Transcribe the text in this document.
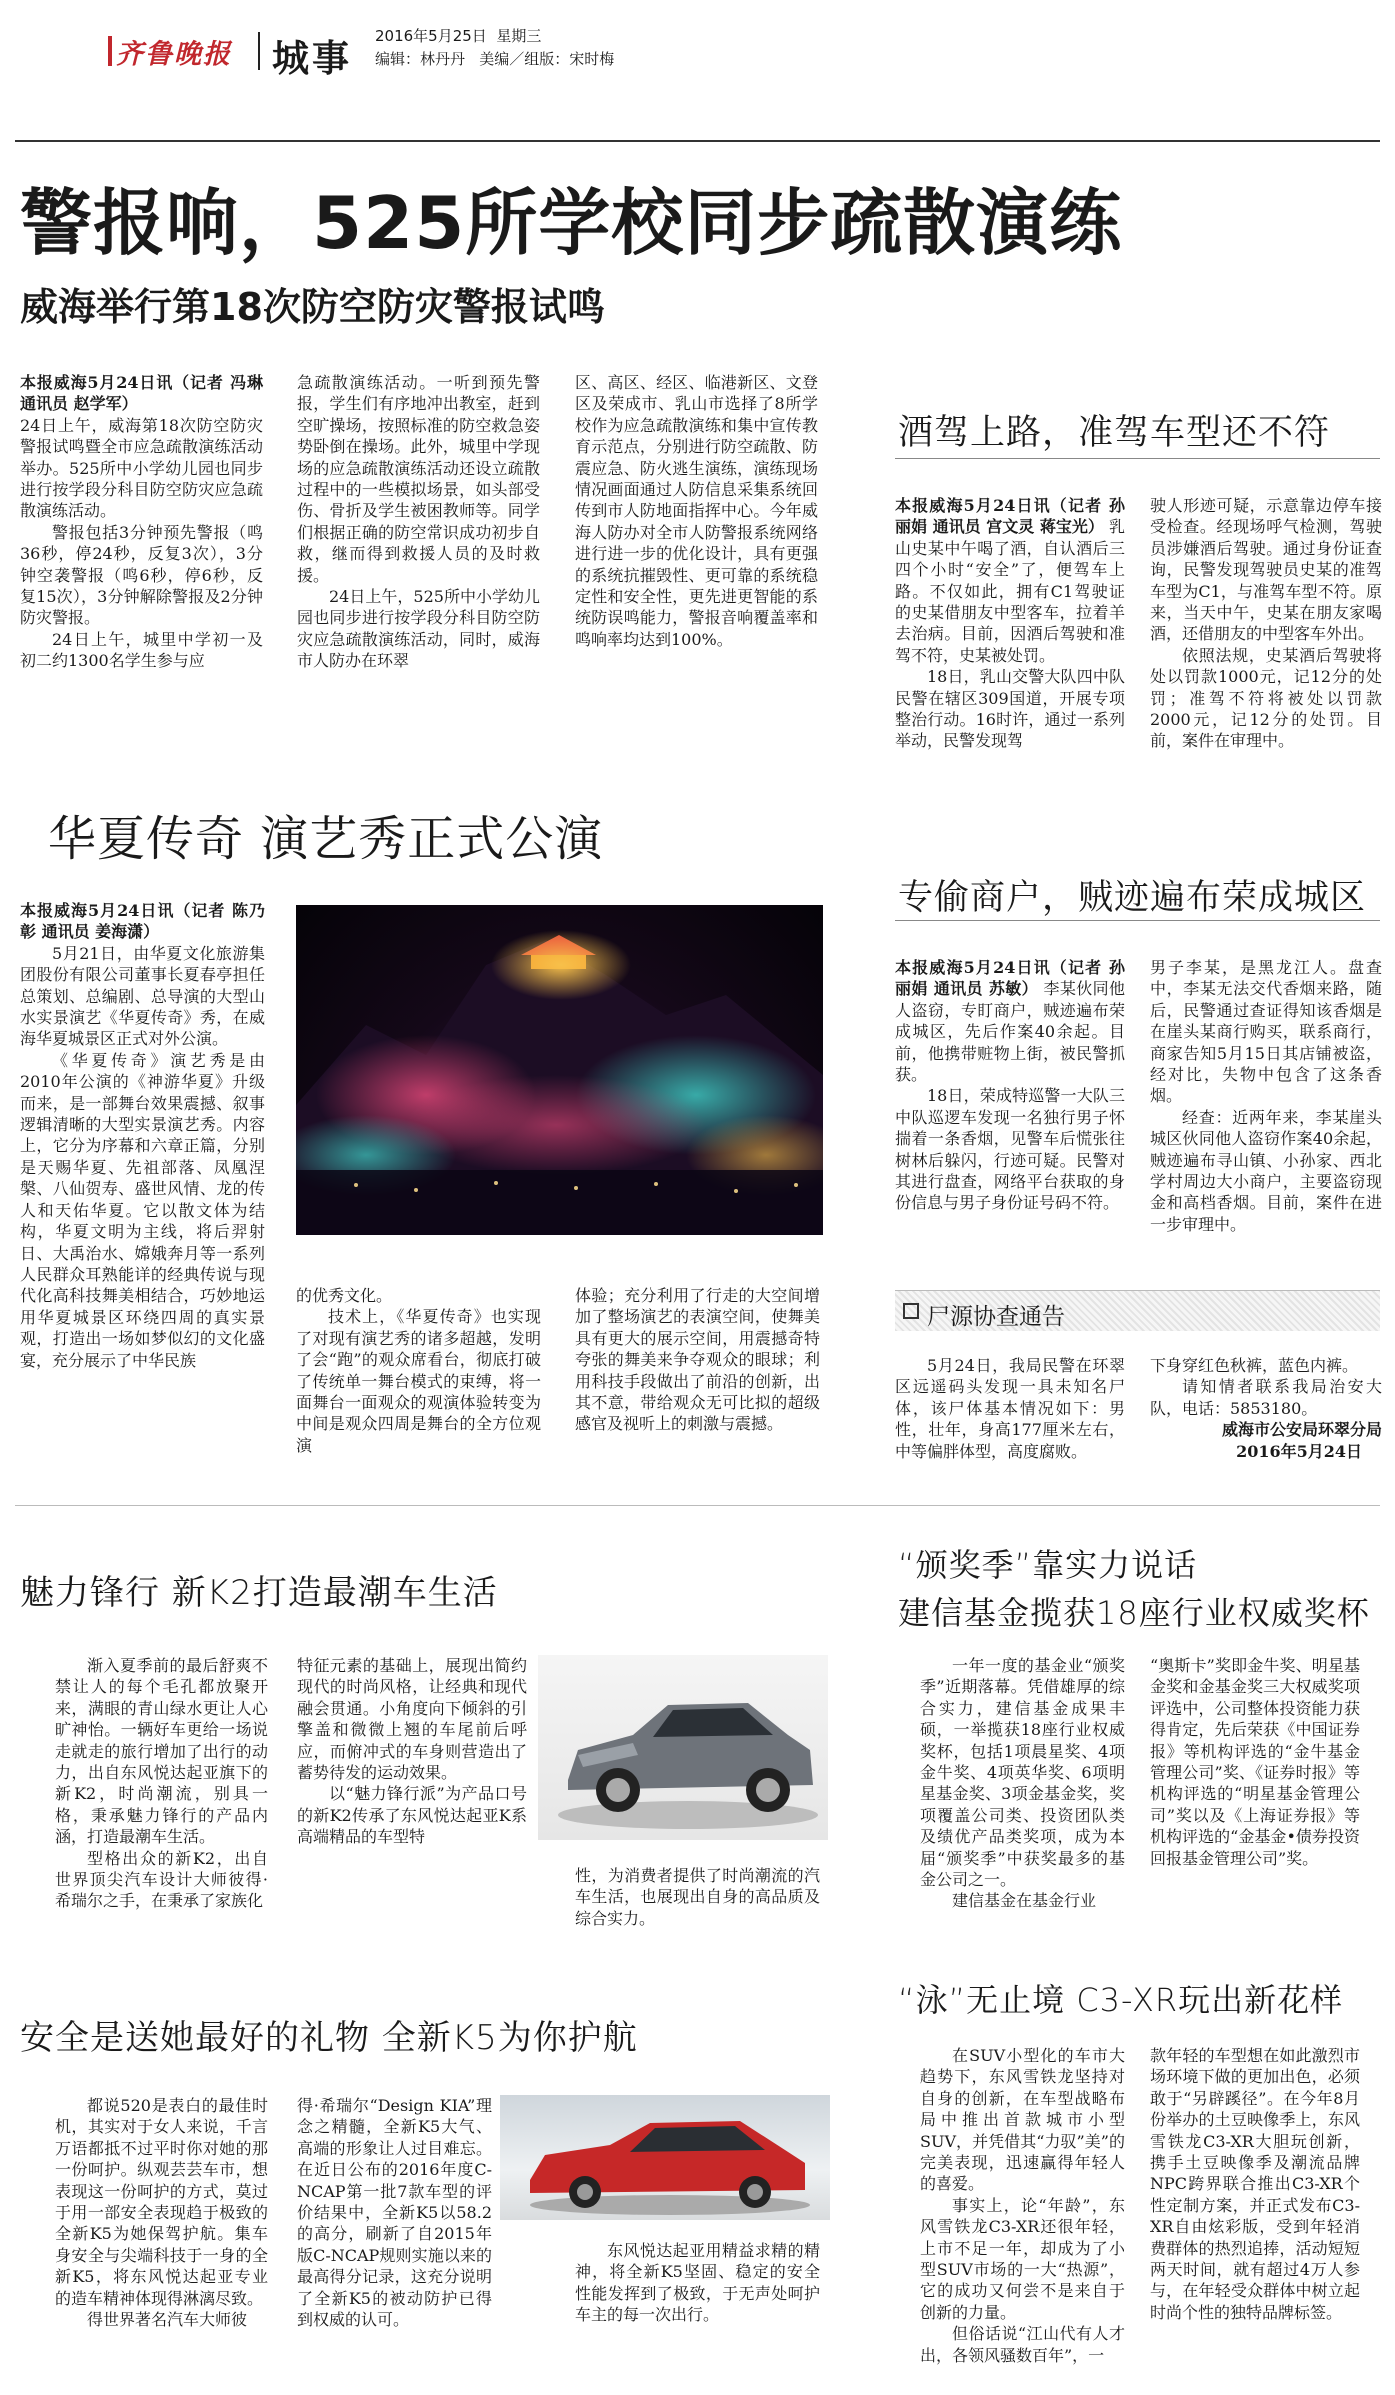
齐鲁晚报 城事
2016年5月25日  星期三
编辑：林丹丹   美编／组版：宋时梅
警报响，525所学校同步疏散演练
威海举行第18次防空防灾警报试鸣
本报威海5月24日讯（记者 冯琳 通讯员 赵学军）

24日上午，威海第18次防空防灾警报试鸣暨全市应急疏散演练活动举办。525所中小学幼儿园也同步进行按学段分科目防空防灾应急疏散演练活动。

警报包括3分钟预先警报（鸣36秒，停24秒，反复3次），3分钟空袭警报（鸣6秒，停6秒，反复15次），3分钟解除警报及2分钟防灾警报。

24日上午，城里中学初一及初二约1300名学生参与应

急疏散演练活动。一听到预先警报，学生们有序地冲出教室，赶到空旷操场，按照标准的防空救急姿势卧倒在操场。此外，城里中学现场的应急疏散演练活动还设立疏散过程中的一些模拟场景，如头部受伤、骨折及学生被困教师等。同学们根据正确的防空常识成功初步自救，继而得到救援人员的及时救援。

24日上午，525所中小学幼儿园也同步进行按学段分科目防空防灾应急疏散演练活动，同时，威海市人防办在环翠

区、高区、经区、临港新区、文登区及荣成市、乳山市选择了8所学校作为应急疏散演练和集中宣传教育示范点，分别进行防空疏散、防震应急、防火逃生演练，演练现场情况画面通过人防信息采集系统回传到市人防地面指挥中心。今年威海人防办对全市人防警报系统网络进行进一步的优化设计，具有更强的系统抗摧毁性、更可靠的系统稳定性和安全性，更先进更智能的系统防误鸣能力，警报音响覆盖率和鸣响率均达到100%。

酒驾上路，准驾车型还不符
本报威海5月24日讯（记者 孙丽娟 通讯员 宫文灵 蒋宝光） 乳山史某中午喝了酒，自认酒后三四个小时“安全”了，便驾车上路。不仅如此，拥有C1驾驶证的史某借朋友中型客车，拉着羊去治病。目前，因酒后驾驶和准驾不符，史某被处罚。

18日，乳山交警大队四中队民警在辖区309国道，开展专项整治行动。16时许，通过一系列举动，民警发现驾

驶人形迹可疑，示意靠边停车接受检查。经现场呼气检测，驾驶员涉嫌酒后驾驶。通过身份证查询，民警发现驾驶员史某的准驾车型为C1，与准驾车型不符。原来，当天中午，史某在朋友家喝酒，还借朋友的中型客车外出。

依照法规，史某酒后驾驶将处以罚款1000元，记12分的处罚；准驾不符将被处以罚款2000元，记12分的处罚。目前，案件在审理中。

华夏传奇 演艺秀正式公演
本报威海5月24日讯（记者 陈乃彰 通讯员 姜海潇）

5月21日，由华夏文化旅游集团股份有限公司董事长夏春亭担任总策划、总编剧、总导演的大型山水实景演艺《华夏传奇》秀，在威海华夏城景区正式对外公演。

《华夏传奇》演艺秀是由2010年公演的《神游华夏》升级而来，是一部舞台效果震撼、叙事逻辑清晰的大型实景演艺秀。内容上，它分为序幕和六章正篇，分别是天赐华夏、先祖部落、凤凰涅槃、八仙贺寿、盛世风情、龙的传人和天佑华夏。它以散文体为结构，华夏文明为主线，将后羿射日、大禹治水、嫦娥奔月等一系列人民群众耳熟能详的经典传说与现代化高科技舞美相结合，巧妙地运用华夏城景区环绕四周的真实景观，打造出一场如梦似幻的文化盛宴，充分展示了中华民族

的优秀文化。

技术上，《华夏传奇》也实现了对现有演艺秀的诸多超越，发明了会“跑”的观众席看台，彻底打破了传统单一舞台模式的束缚，将一面舞台一面观众的观演体验转变为中间是观众四周是舞台的全方位观演

体验；充分利用了行走的大空间增加了整场演艺的表演空间，使舞美具有更大的展示空间，用震撼奇特夸张的舞美来争夺观众的眼球；利用科技手段做出了前沿的创新，出其不意，带给观众无可比拟的超级感官及视听上的刺激与震撼。

专偷商户，贼迹遍布荣成城区
本报威海5月24日讯（记者 孙丽娟 通讯员 苏敏） 李某伙同他人盗窃，专盯商户，贼迹遍布荣成城区，先后作案40余起。目前，他携带赃物上街，被民警抓获。

18日，荣成特巡警一大队三中队巡逻车发现一名独行男子怀揣着一条香烟，见警车后慌张往树林后躲闪，行迹可疑。民警对其进行盘查，网络平台获取的身份信息与男子身份证号码不符。

男子李某，是黑龙江人。盘查中，李某无法交代香烟来路，随后，民警通过查证得知该香烟是在崖头某商行购买，联系商行，商家告知5月15日其店铺被盗，经对比，失物中包含了这条香烟。

经查：近两年来，李某崖头城区伙同他人盗窃作案40余起，贼迹遍布寻山镇、小孙家、西北学村周边大小商户，主要盗窃现金和高档香烟。目前，案件在进一步审理中。

尸源协查通告

5月24日，我局民警在环翠区远遥码头发现一具未知名尸体，该尸体基本情况如下：男性，壮年，身高177厘米左右，中等偏胖体型，高度腐败。

下身穿红色秋裤，蓝色内裤。

请知情者联系我局治安大队，电话：5853180。

威海市公安局环翠分局
2016年5月24日
魅力锋行 新K2打造最潮车生活

渐入夏季前的最后舒爽不禁让人的每个毛孔都放聚开来，满眼的青山绿水更让人心旷神怡。一辆好车更给一场说走就走的旅行增加了出行的动力，出自东风悦达起亚旗下的新K2，时尚潮流，别具一格，秉承魅力锋行的产品内涵，打造最潮车生活。

型格出众的新K2，出自世界顶尖汽车设计大师彼得·希瑞尔之手，在秉承了家族化

特征元素的基础上，展现出简约现代的时尚风格，让经典和现代融会贯通。小角度向下倾斜的引擎盖和微微上翘的车尾前后呼应，而俯冲式的车身则营造出了蓄势待发的运动效果。

以“魅力锋行派”为产品口号的新K2传承了东风悦达起亚K系高端精品的车型特

性，为消费者提供了时尚潮流的汽车生活，也展现出自身的高品质及综合实力。

安全是送她最好的礼物 全新K5为你护航

都说520是表白的最佳时机，其实对于女人来说，千言万语都抵不过平时你对她的那一份呵护。纵观芸芸车市，想表现这一份呵护的方式，莫过于用一部安全表现趋于极致的全新K5为她保驾护航。集车身安全与尖端科技于一身的全新K5，将东风悦达起亚专业的造车精神体现得淋漓尽致。

得世界著名汽车大师彼

得·希瑞尔“Design KIA”理念之精髓，全新K5大气、高端的形象让人过目难忘。在近日公布的2016年度C-NCAP第一批7款车型的评价结果中，全新K5以58.2的高分，刷新了自2015年版C-NCAP规则实施以来的最高得分记录，这充分说明了全新K5的被动防护已得到权威的认可。

东风悦达起亚用精益求精的精神，将全新K5坚固、稳定的安全性能发挥到了极致，于无声处呵护车主的每一次出行。

“颁奖季”靠实力说话
建信基金揽获18座行业权威奖杯

一年一度的基金业“颁奖季”近期落幕。凭借雄厚的综合实力，建信基金成果丰硕，一举揽获18座行业权威奖杯，包括1项晨星奖、4项金牛奖、4项英华奖、6项明星基金奖、3项金基金奖，奖项覆盖公司类、投资团队类及绩优产品类奖项，成为本届“颁奖季”中获奖最多的基金公司之一。

建信基金在基金行业

“奥斯卡”奖即金牛奖、明星基金奖和金基金奖三大权威奖项评选中，公司整体投资能力获得肯定，先后荣获《中国证券报》等机构评选的“金牛基金管理公司”奖、《证券时报》等机构评选的“明星基金管理公司”奖以及《上海证券报》等机构评选的“金基金•债券投资回报基金管理公司”奖。

“泳”无止境 C3-XR玩出新花样

在SUV小型化的车市大趋势下，东风雪铁龙坚持对自身的创新，在车型战略布局中推出首款城市小型SUV，并凭借其“力驭”美”的完美表现，迅速赢得年轻人的喜爱。

事实上，论“年龄”，东风雪铁龙C3-XR还很年轻，上市不足一年，却成为了小型SUV市场的一大“热源”，它的成功又何尝不是来自于创新的力量。

但俗话说“江山代有人才出，各领风骚数百年”，一

款年轻的车型想在如此激烈市场环境下做的更加出色，必须敢于“另辟蹊径”。在今年8月份举办的土豆映像季上，东风雪铁龙C3-XR大胆玩创新，携手土豆映像季及潮流品牌NPC跨界联合推出C3-XR个性定制方案，并正式发布C3-XR自由炫彩版，受到年轻消费群体的热烈追捧，活动短短两天时间，就有超过4万人参与，在年轻受众群体中树立起时尚个性的独特品牌标签。
